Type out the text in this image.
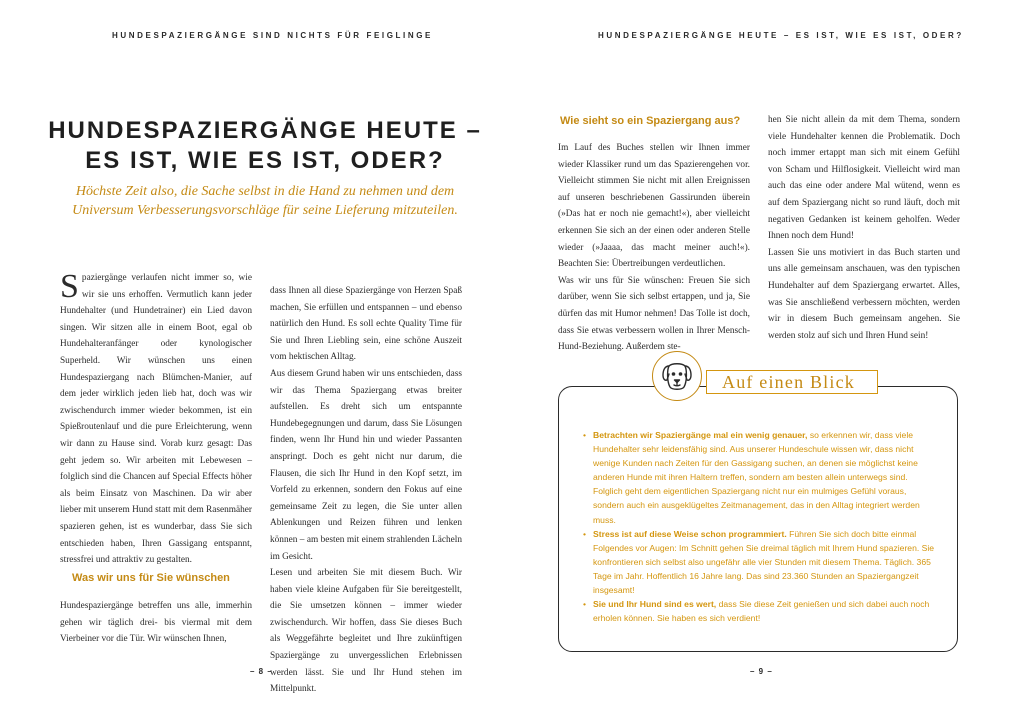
HUNDESPAZIERGÄNGE SIND NICHTS FÜR FEIGLINGE
HUNDESPAZIERGÄNGE HEUTE – ES IST, WIE ES IST, ODER?
Höchste Zeit also, die Sache selbst in die Hand zu nehmen und dem Universum Verbesserungsvorschläge für seine Lieferung mitzuteilen.

Spaziergänge verlaufen nicht immer so, wie wir sie uns erhoffen. Vermutlich kann jeder Hundehalter (und Hundetrainer) ein Lied davon singen. Wir sitzen alle in einem Boot, egal ob Hundehalteranfänger oder kynologischer Superheld. Wir wünschen uns einen Hundespaziergang nach Blümchen-Manier, auf dem jeder wirklich jeden lieb hat, doch was wir zwischendurch immer wieder bekommen, ist ein Spießroutenlauf und die pure Erleichterung, wenn wir dann zu Hause sind. Vorab kurz gesagt: Das geht jedem so. Wir arbeiten mit Lebewesen – folglich sind die Chancen auf Special Effects höher als beim Einsatz von Maschinen. Da wir aber lieber mit unserem Hund statt mit dem Rasenmäher spazieren gehen, ist es wunderbar, dass Sie sich entschieden haben, Ihren Gassigang entspannt, stressfrei und attraktiv zu gestalten.

Was wir uns für Sie wünschen

Hundespaziergänge betreffen uns alle, immerhin gehen wir täglich drei- bis viermal mit dem Vierbeiner vor die Tür. Wir wünschen Ihnen,

dass Ihnen all diese Spaziergänge von Herzen Spaß machen, Sie erfüllen und entspannen – und ebenso natürlich den Hund. Es soll echte Quality Time für Sie und Ihren Liebling sein, eine schöne Auszeit vom hektischen Alltag.

Aus diesem Grund haben wir uns entschieden, dass wir das Thema Spaziergang etwas breiter aufstellen. Es dreht sich um entspannte Hundebegegnungen und darum, dass Sie Lösungen finden, wenn Ihr Hund hin und wieder Passanten anspringt. Doch es geht nicht nur darum, die Flausen, die sich Ihr Hund in den Kopf setzt, im Vorfeld zu erkennen, sondern den Fokus auf eine gemeinsame Zeit zu legen, die Sie unter allen Ablenkungen und Reizen führen und lenken können – am besten mit einem strahlenden Lächeln im Gesicht.

Lesen und arbeiten Sie mit diesem Buch. Wir haben viele kleine Aufgaben für Sie bereitgestellt, die Sie umsetzen können – immer wieder zwischendurch. Wir hoffen, dass Sie dieses Buch als Weggefährte begleitet und Ihre zukünftigen Spaziergänge zu unvergesslichen Erlebnissen werden lässt. Sie und Ihr Hund stehen im Mittelpunkt.

– 8 –
HUNDESPAZIERGÄNGE HEUTE – ES IST, WIE ES IST, ODER?
Wie sieht so ein Spaziergang aus?

Im Lauf des Buches stellen wir Ihnen immer wieder Klassiker rund um das Spazierengehen vor. Vielleicht stimmen Sie nicht mit allen Ereignissen auf unseren beschriebenen Gassirunden überein (»Das hat er noch nie gemacht!«), aber vielleicht erkennen Sie sich an der einen oder anderen Stelle wieder (»Jaaaa, das macht meiner auch!«). Beachten Sie: Übertreibungen verdeutlichen.

Was wir uns für Sie wünschen: Freuen Sie sich darüber, wenn Sie sich selbst ertappen, und ja, Sie dürfen das mit Humor nehmen! Das Tolle ist doch, dass Sie etwas verbessern wollen in Ihrer Mensch-Hund-Beziehung. Außerdem ste-

hen Sie nicht allein da mit dem Thema, sondern viele Hundehalter kennen die Problematik. Doch noch immer ertappt man sich mit einem Gefühl von Scham und Hilflosigkeit. Vielleicht wird man auch das eine oder andere Mal wütend, wenn es auf dem Spaziergang nicht so rund läuft, doch mit negativen Gedanken ist keinem geholfen. Weder Ihnen noch dem Hund!

Lassen Sie uns motiviert in das Buch starten und uns alle gemeinsam anschauen, was den typischen Hundehalter auf dem Spaziergang erwartet. Alles, was Sie anschließend verbessern möchten, werden wir in diesem Buch gemeinsam angehen. Sie werden stolz auf sich und Ihren Hund sein!

Auf einen Blick
• Betrachten wir Spaziergänge mal ein wenig genauer, so erkennen wir, dass viele Hundehalter sehr leidensfähig sind. Aus unserer Hundeschule wissen wir, dass nicht wenige Kunden nach Zeiten für den Gassigang suchen, an denen sie möglichst keine anderen Hunde mit ihren Haltern treffen, sondern am besten allein unterwegs sind. Folglich geht dem eigentlichen Spaziergang nicht nur ein mulmiges Gefühl voraus, sondern auch ein ausgeklügeltes Zeitmanagement, das in den Alltag integriert werden muss.
• Stress ist auf diese Weise schon programmiert. Führen Sie sich doch bitte einmal Folgendes vor Augen: Im Schnitt gehen Sie dreimal täglich mit Ihrem Hund spazieren. Sie konfrontieren sich selbst also ungefähr alle vier Stunden mit diesem Thema. Täglich. 365 Tage im Jahr. Hoffentlich 16 Jahre lang. Das sind 23.360 Stunden an Spaziergangzeit insgesamt!
• Sie und Ihr Hund sind es wert, dass Sie diese Zeit genießen und sich dabei auch noch erholen können. Sie haben es sich verdient!
– 9 –
